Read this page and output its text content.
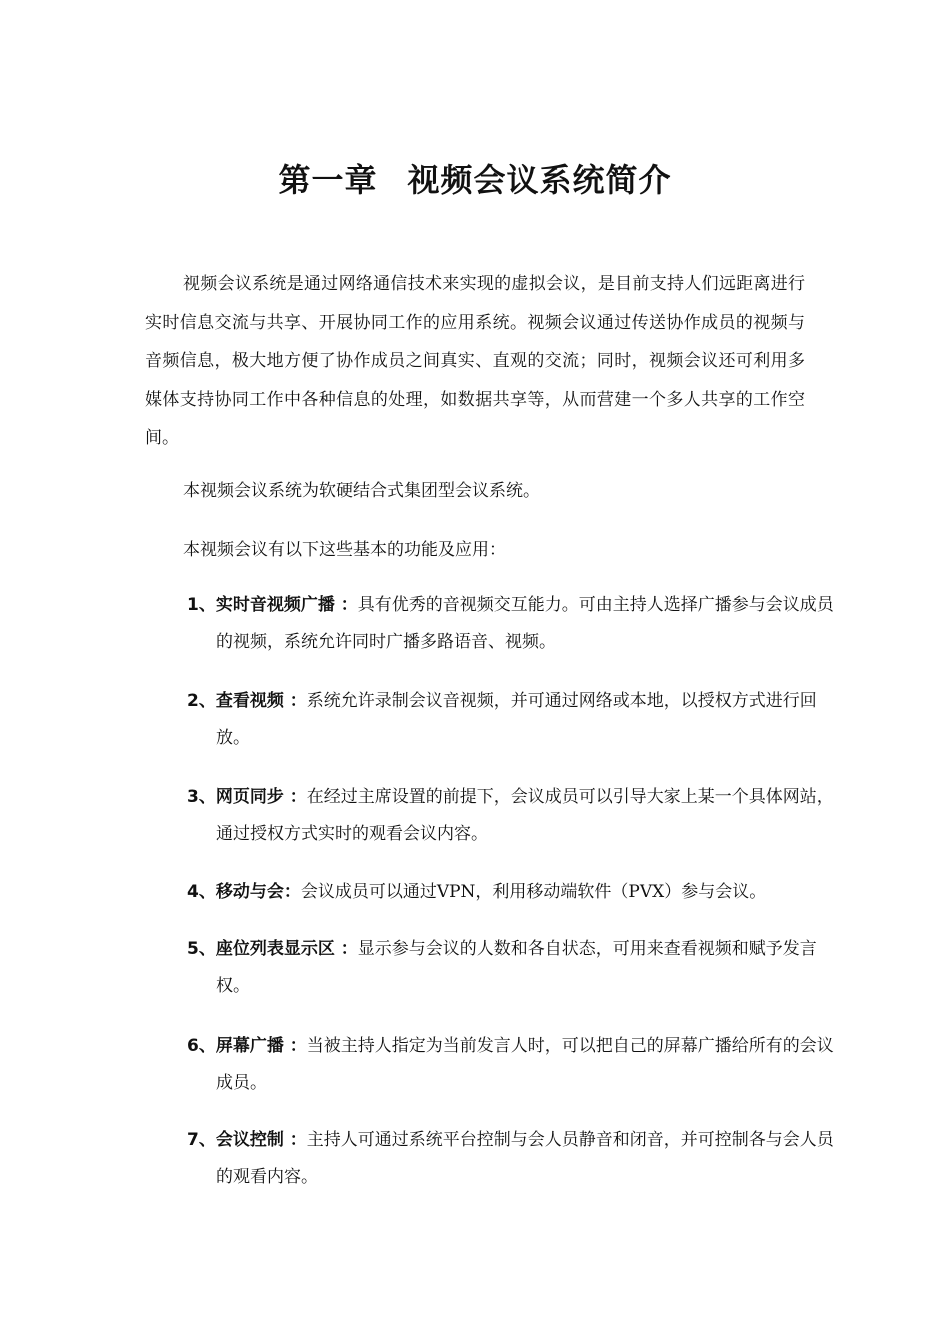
第一章 视频会议系统简介

视频会议系统是通过网络通信技术来实现的虚拟会议，是目前支持人们远距离进行实时信息交流与共享、开展协同工作的应用系统。视频会议通过传送协作成员的视频与音频信息，极大地方便了协作成员之间真实、直观的交流；同时，视频会议还可利用多媒体支持协同工作中各种信息的处理，如数据共享等，从而营建一个多人共享的工作空间。

本视频会议系统为软硬结合式集团型会议系统。

本视频会议有以下这些基本的功能及应用：

1、实时音视频广播 ：具有优秀的音视频交互能力。可由主持人选择广播参与会议成员的视频，系统允许同时广播多路语音、视频。

2、查看视频 ：系统允许录制会议音视频，并可通过网络或本地，以授权方式进行回放。

3、网页同步 ：在经过主席设置的前提下，会议成员可以引导大家上某一个具体网站，通过授权方式实时的观看会议内容。

4、移动与会：会议成员可以通过VPN，利用移动端软件（PVX）参与会议。

5、座位列表显示区 ：显示参与会议的人数和各自状态，可用来查看视频和赋予发言权。

6、屏幕广播 ：当被主持人指定为当前发言人时，可以把自己的屏幕广播给所有的会议成员。

7、会议控制 ：主持人可通过系统平台控制与会人员静音和闭音，并可控制各与会人员的观看内容。
